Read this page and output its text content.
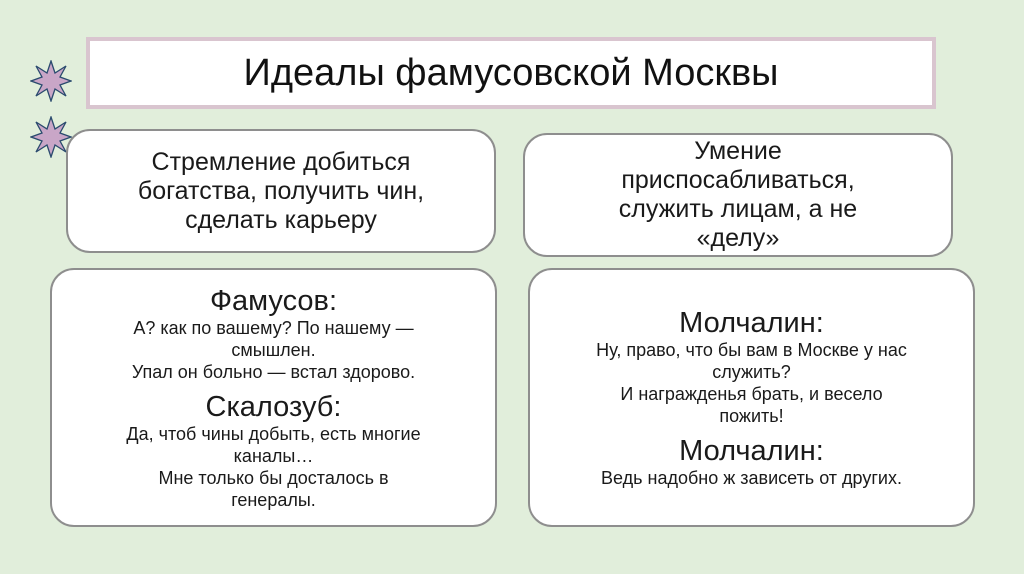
Идеалы фамусовской Москвы
Стремление добиться
богатства, получить чин,
сделать карьеру
Умение
приспосабливаться,
служить лицам, а не
«делу»
Фамусов:
А? как по вашему? По нашему —
смышлен.
Упал он больно — встал здорово.
Скалозуб:
Да, чтоб чины добыть, есть многие
каналы…
Мне только бы досталось в
генералы.
Молчалин:
Ну, право, что бы вам в Москве у нас
служить?
И награжденья брать, и весело
пожить!
Молчалин:
Ведь надобно ж зависеть от других.
